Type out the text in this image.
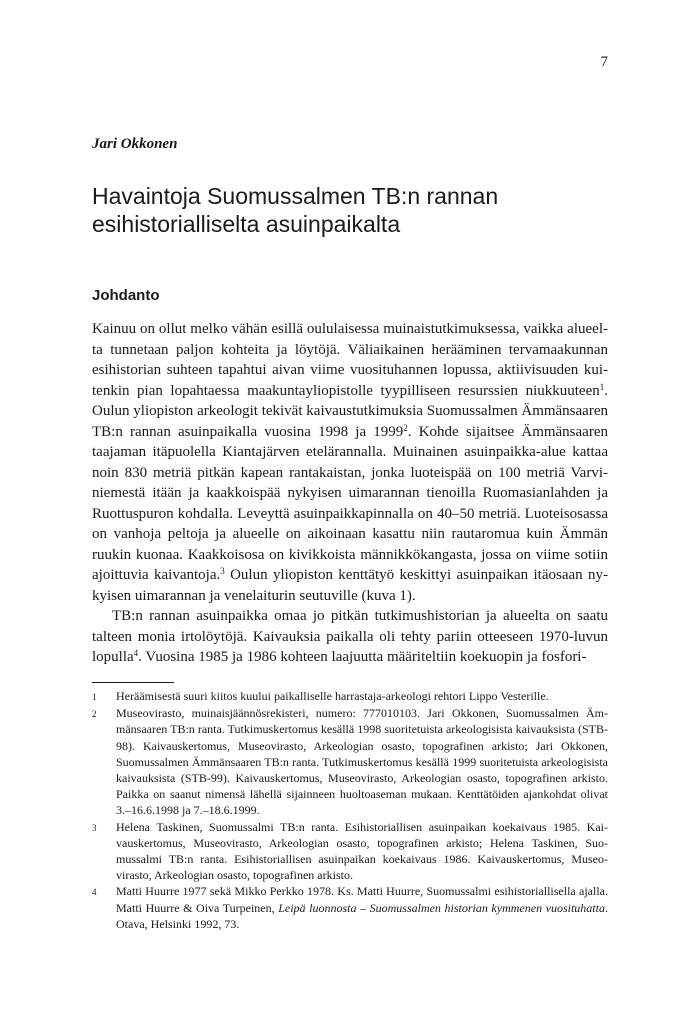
7
Jari Okkonen
Havaintoja Suomussalmen TB:n rannan esihistorialliselta asuinpaikalta
Johdanto

Kainuu on ollut melko vähän esillä oululaisessa muinaistutkimuksessa, vaikka alueelta tunnetaan paljon kohteita ja löytöjä. Väliaikainen herääminen tervamaakunnan esihistorian suhteen tapahtui aivan viime vuosituhannen lopussa, aktiivisuuden kuitenkin pian lopahtaessa maakuntayliopistolle tyypilliseen resurssien niukkuuteen$^1$. Oulun yliopiston arkeologit tekivät kaivaustutkimuksia Suomussalmen Ämmänsaaren TB:n rannan asuinpaikalla vuosina 1998 ja 1999$^2$. Kohde sijaitsee Ämmänsaaren taajaman itäpuolella Kiantajärven etelärannalla. Muinainen asuinpaikka-alue kattaa noin 830 metriä pitkän kapean rantakaistan, jonka luoteispää on 100 metriä Varviniemestä itään ja kaakkoispää nykyisen uimarannan tienoilla Ruomasianlahden ja Ruottuspuron kohdalla. Leveyttä asuinpaikkapinnalla on 40–50 metriä. Luoteisosassa on vanhoja peltoja ja alueelle on aikoinaan kasattu niin rautaromua kuin Ämmän ruukin kuonaa. Kaakkoisosa on kivikkoista männikkökangasta, jossa on viime sotiin ajoittuvia kaivantoja.$^3$ Oulun yliopiston kenttätyö keskittyi asuinpaikan itäosaan nykyisen uimarannan ja venelaiturin seutuville (kuva 1).

TB:n rannan asuinpaikka omaa jo pitkän tutkimushistorian ja alueelta on saatu talteen monia irtolöytöjä. Kaivauksia paikalla oli tehty pariin otteeseen 1970-luvun lopulla$^4$. Vuosina 1985 ja 1986 kohteen laajuutta määriteltiin koekuopin ja fosfori-

1	Heräämisestä suuri kiitos kuului paikalliselle harrastaja-arkeologi rehtori Lippo Vesterille.
2	Museovirasto, muinaisjäännösrekisteri, numero: 777010103. Jari Okkonen, Suomussalmen Ämmänsaaren TB:n ranta. Tutkimuskertomus kesällä 1998 suoritetuista arkeologisista kaivauksista (STB-98). Kaivauskertomus, Museovirasto, Arkeologian osasto, topografinen arkisto; Jari Okkonen, Suomussalmen Ämmänsaaren TB:n ranta. Tutkimuskertomus kesällä 1999 suoritetuista arkeologisista kaivauksista (STB-99). Kaivauskertomus, Museovirasto, Arkeologian osasto, topografinen arkisto. Paikka on saanut nimensä lähellä sijainneen huoltoaseman mukaan. Kenttätöiden ajankohdat olivat 3.–16.6.1998 ja 7.–18.6.1999.
3	Helena Taskinen, Suomussalmi TB:n ranta. Esihistoriallisen asuinpaikan koekaivaus 1985. Kaivauskertomus, Museovirasto, Arkeologian osasto, topografinen arkisto; Helena Taskinen, Suomussalmi TB:n ranta. Esihistoriallisen asuinpaikan koekaivaus 1986. Kaivauskertomus, Museovirasto, Arkeologian osasto, topografinen arkisto.
4	Matti Huurre 1977 sekä Mikko Perkko 1978. Ks. Matti Huurre, Suomussalmi esihistoriallisella ajalla. Matti Huurre & Oiva Turpeinen, Leipä luonnosta – Suomussalmen historian kymmenen vuosituhatta. Otava, Helsinki 1992, 73.
